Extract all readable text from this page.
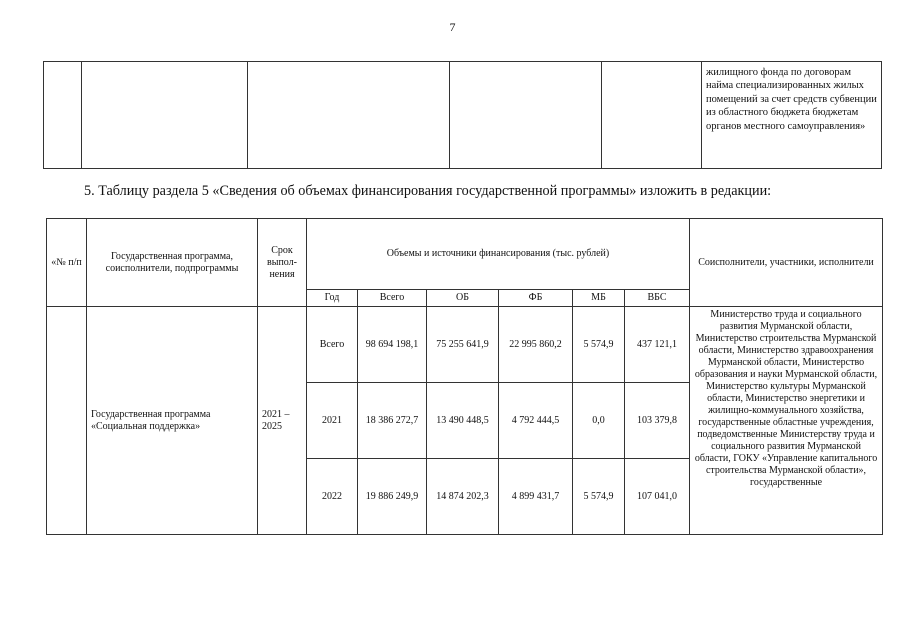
7

жилищного фонда по договорам найма специализированных жилых помещений за счет средств субвенции из областного бюджета бюджетам органов местного самоуправления»
5. Таблицу раздела 5 «Сведения об объемах финансирования государственной программы» изложить в редакции:
«№ п/п	Государственная программа, соисполнители, подпрограммы	Срок выпол-нения	Объемы и источники финансирования (тыс. рублей)						Соисполнители, участники, исполнители
			Год	Всего	ОБ	ФБ	МБ	ВБС	
	Государственная программа «Социальная поддержка»	2021 – 2025	Всего	98 694 198,1	75 255 641,9	22 995 860,2	5 574,9	437 121,1	Министерство труда и социального развития Мурманской области, Министерство строительства Мурманской области, Министерство здравоохранения Мурманской области, Министерство образования и науки Мурманской области, Министерство культуры Мурманской области, Министерство энергетики и жилищно-коммунального хозяйства, государственные областные учреждения, подведомственные Министерству труда и социального развития Мурманской области, ГОКУ «Управление капитального строительства Мурманской области», государственные

			2021	18 386 272,7	13 490 448,5	4 792 444,5	0,0	103 379,8	
			2022	19 886 249,9	14 874 202,3	4 899 431,7	5 574,9	107 041,0	
